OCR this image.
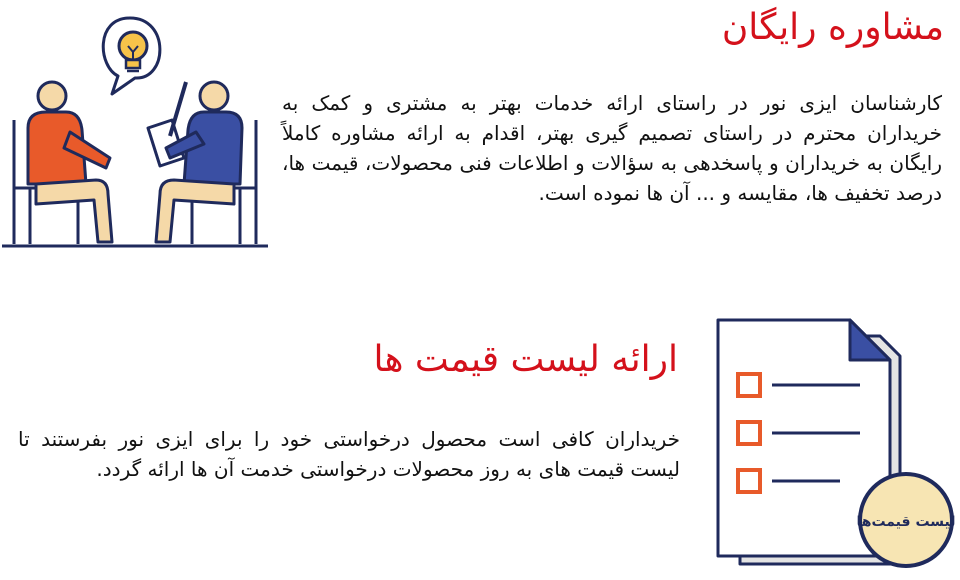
مشاوره رایگان
کارشناسان ایزی نور در راستای ارائه خدمات بهتر به مشتری و کمک به خریداران محترم در راستای تصمیم گیری بهتر، اقدام به ارائه مشاوره کاملاً رایگان به خریداران و پاسخدهی به سؤالات و اطلاعات فنی محصولات، قیمت ها، درصد تخفیف ها، مقایسه و ... آن ها نموده است.
ارائه لیست قیمت ها
خریداران کافی است محصول درخواستی خود را برای ایزی نور بفرستند تا لیست قیمت های به روز محصولات درخواستی خدمت آن ها ارائه گردد.
لیست قیمت‌ها
